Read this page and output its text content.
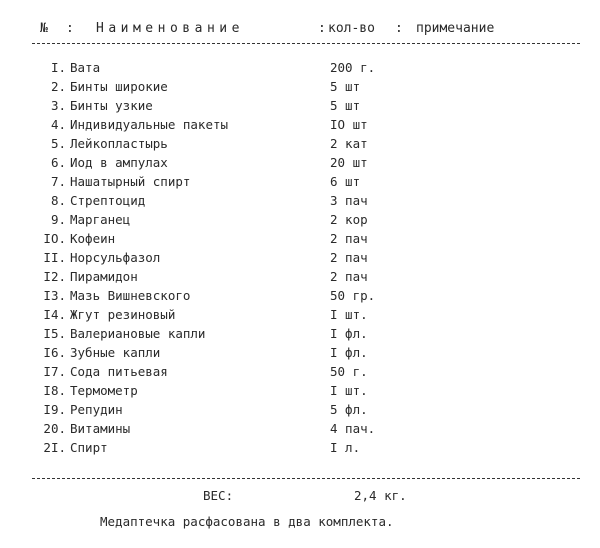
№ : Наименование	: кол-во : примечание
I. Вата	200 г.
2. Бинты широкие	5 шт
3. Бинты узкие	5 шт
4. Индивидуальные пакеты	IO шт
5. Лейкопластырь	2 кат
6. Иод в ампулах	20 шт
7. Нашатырный спирт	6 шт
8. Стрептоцид	3 пач
9. Марганец	2 кор
IO. Кофеин	2 пач
II. Норсульфазол	2 пач
I2. Пирамидон	2 пач
I3. Мазь Вишневского	50 гр.
I4. Жгут резиновый	I шт.
I5. Валериановые капли	I фл.
I6. Зубные капли	I фл.
I7. Сода питьевая	50 г.
I8. Термометр	I шт.
I9. Репудин	5 фл.
20. Витамины	4 пач.
2I. Спирт	I л.
ВЕС:	2,4 кг.
Медаптечка расфасована в два комплекта.
